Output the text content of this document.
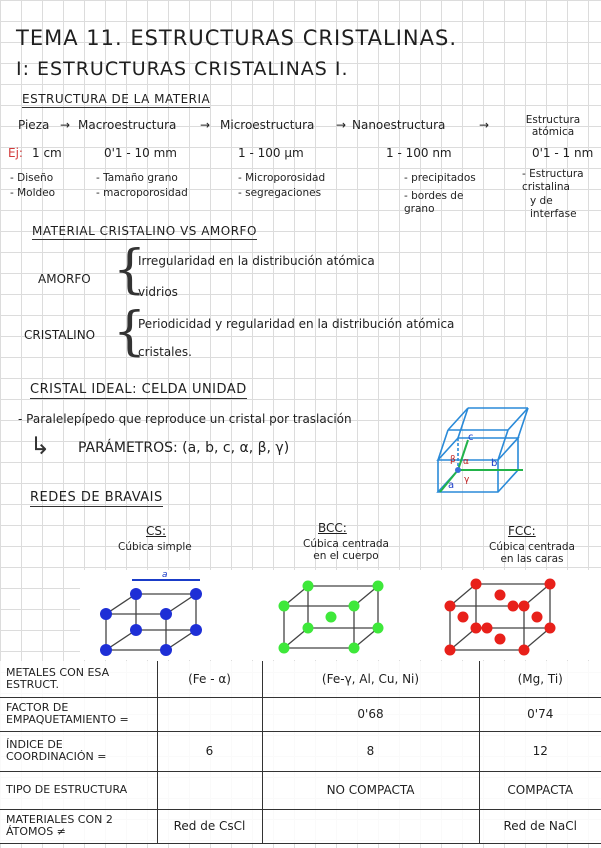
TEMA 11. ESTRUCTURAS CRISTALINAS.
I: ESTRUCTURAS CRISTALINAS I.
ESTRUCTURA DE LA MATERIA
Pieza → Macroestructura → Microestructura → Nanoestructura	→	Estructura atómica
Ej: 1 cm	0'1 - 10 mm	1 - 100 µm	1 - 100 nm	0'1 - 1 nm
- Diseño
- Moldeo
- Tamaño grano
- macroporosidad
- Microporosidad
- segregaciones
- precipitados
- bordes de grano
- Estructura cristalina
y de interfase
MATERIAL CRISTALINO VS AMORFO
AMORFO {
Irregularidad en la distribución atómica
vidrios
CRISTALINO {
Periodicidad y regularidad en la distribución atómica
cristales.
CRISTAL IDEAL: CELDA UNIDAD
- Paralelepípedo que reproduce un cristal por traslación
↳ PARÁMETROS: (a, b, c, α, β, γ)
b
a
c
α
β
γ
REDES DE BRAVAIS
CS:
Cúbica simple
BCC:
Cúbica centrada en el cuerpo
FCC:
Cúbica centrada en las caras
a
METALES CON ESA ESTRUCT.	(Fe - α)	(Fe-γ, Al, Cu, Ni)	(Mg, Ti)
FACTOR DE EMPAQUETAMIENTO =		0'68	0'74
ÍNDICE DE COORDINACIÓN =	6	8	12
TIPO DE ESTRUCTURA		NO COMPACTA	COMPACTA
MATERIALES CON 2 ÁTOMOS ≠	Red de CsCl		Red de NaCl
